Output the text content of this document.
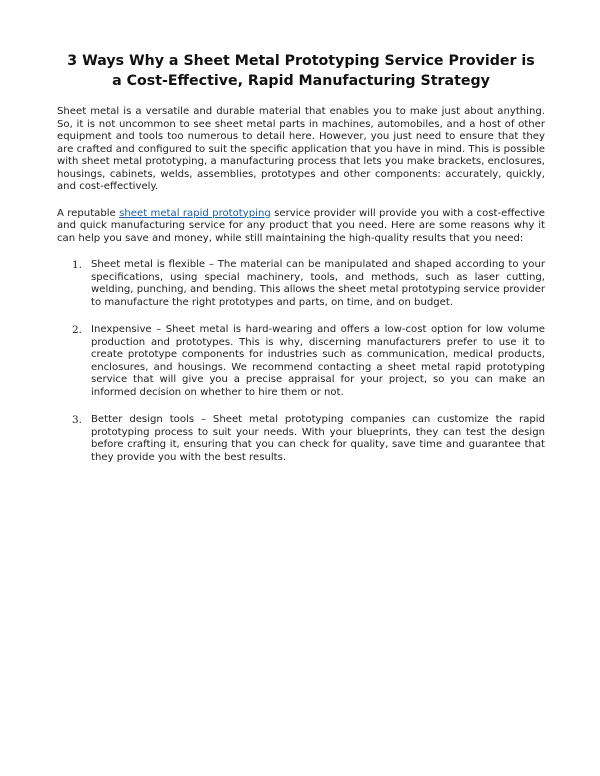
3 Ways Why a Sheet Metal Prototyping Service Provider is a Cost-Effective, Rapid Manufacturing Strategy

Sheet metal is a versatile and durable material that enables you to make just about anything. So, it is not uncommon to see sheet metal parts in machines, automobiles, and a host of other equipment and tools too numerous to detail here. However, you just need to ensure that they are crafted and configured to suit the specific application that you have in mind. This is possible with sheet metal prototyping, a manufacturing process that lets you make brackets, enclosures, housings, cabinets, welds, assemblies, prototypes and other components: accurately, quickly, and cost-effectively.

A reputable sheet metal rapid prototyping service provider will provide you with a cost-effective and quick manufacturing service for any product that you need. Here are some reasons why it can help you save and money, while still maintaining the high-quality results that you need:

1. Sheet metal is flexible – The material can be manipulated and shaped according to your specifications, using special machinery, tools, and methods, such as laser cutting, welding, punching, and bending. This allows the sheet metal prototyping service provider to manufacture the right prototypes and parts, on time, and on budget.
2. Inexpensive – Sheet metal is hard-wearing and offers a low-cost option for low volume production and prototypes. This is why, discerning manufacturers prefer to use it to create prototype components for industries such as communication, medical products, enclosures, and housings. We recommend contacting a sheet metal rapid prototyping service that will give you a precise appraisal for your project, so you can make an informed decision on whether to hire them or not.
3. Better design tools – Sheet metal prototyping companies can customize the rapid prototyping process to suit your needs. With your blueprints, they can test the design before crafting it, ensuring that you can check for quality, save time and guarantee that they provide you with the best results.
